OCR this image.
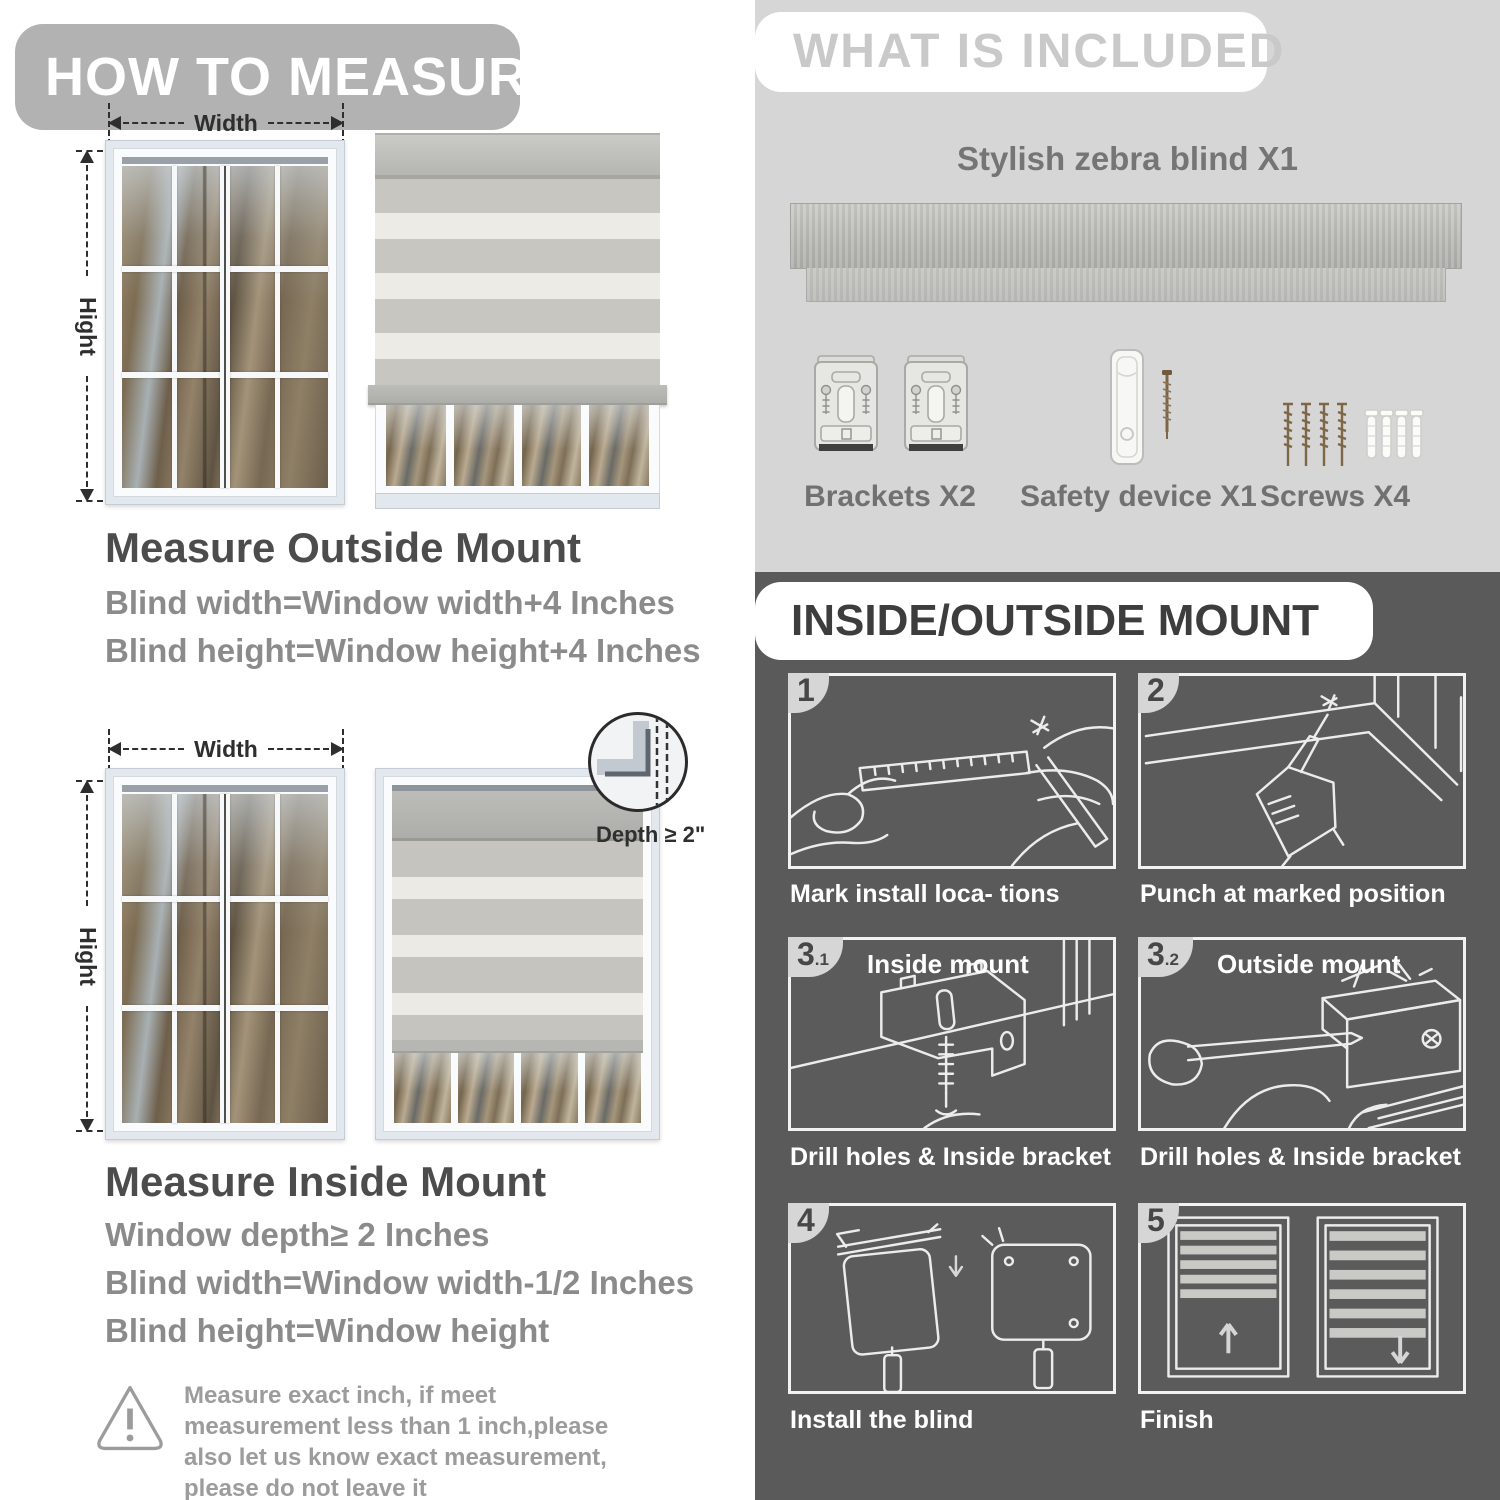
HOW TO MEASURE
Width
Hight
Measure Outside Mount
Blind width=Window width+4 Inches
Blind height=Window height+4 Inches
Width
Hight
Depth ≥ 2"
Measure Inside Mount
Window depth≥ 2 Inches
Blind width=Window width-1/2 Inches
Blind height=Window height
Measure exact inch, if meet measurement less than 1 inch,please also let us know exact measurement, please do not leave it
WHAT IS INCLUDED
Stylish zebra blind X1
Brackets X2	Safety device X1 Screws X4
INSIDE/OUTSIDE MOUNT
1
Mark install loca- tions
2
Punch at marked position
3 .1 Inside mount
Drill holes & Inside bracket
3 .2 Outside mount
Drill holes & Inside bracket
4
Install the blind
5
Finish
